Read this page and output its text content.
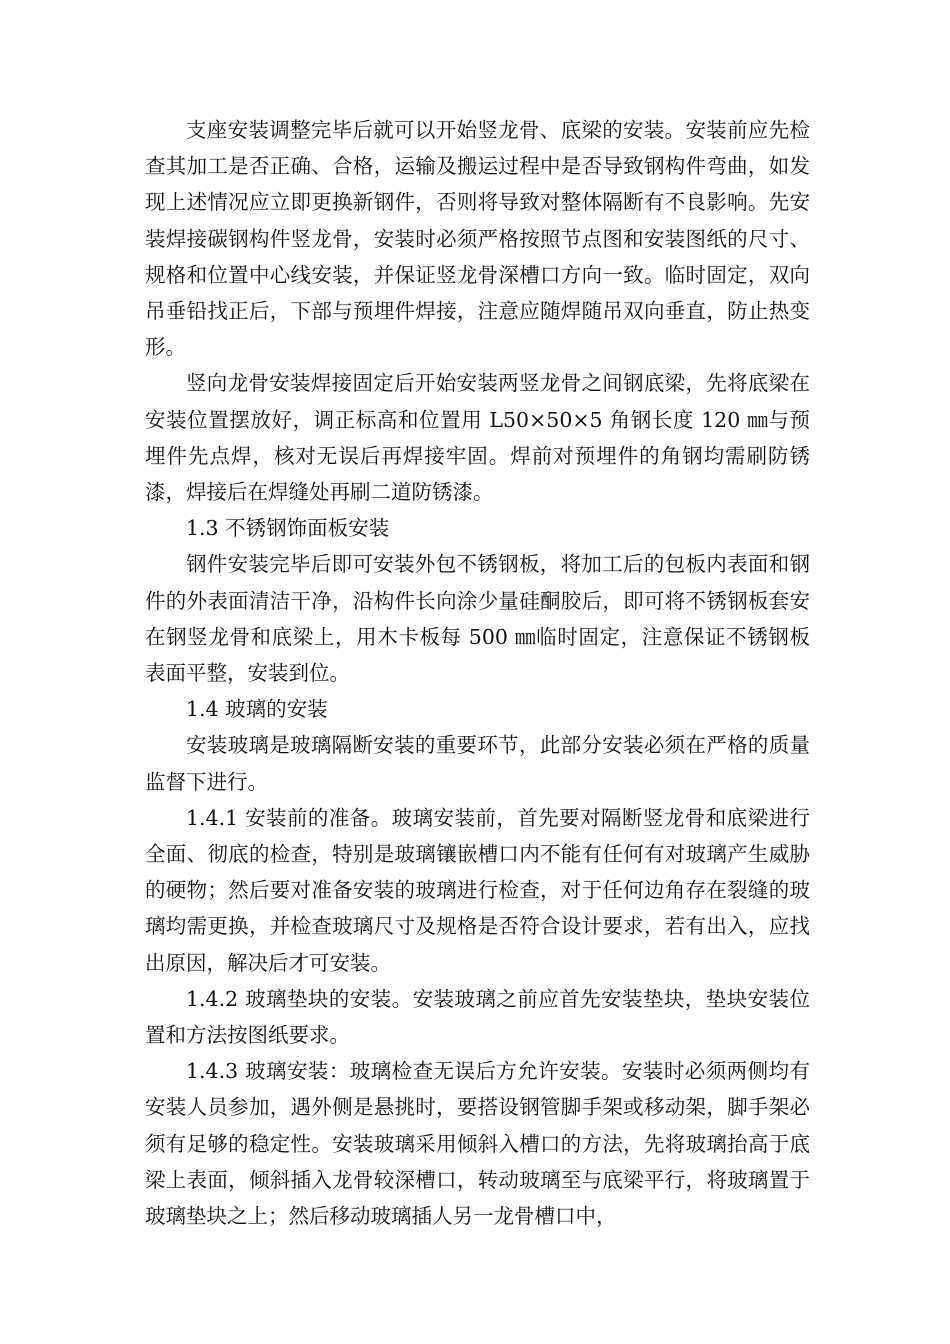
支座安装调整完毕后就可以开始竖龙骨、底梁的安装。安装前应先检查其加工是否正确、合格，运输及搬运过程中是否导致钢构件弯曲，如发现上述情况应立即更换新钢件，否则将导致对整体隔断有不良影响。先安装焊接碳钢构件竖龙骨，安装时必须严格按照节点图和安装图纸的尺寸、规格和位置中心线安装，并保证竖龙骨深槽口方向一致。临时固定，双向吊垂铅找正后，下部与预埋件焊接，注意应随焊随吊双向垂直，防止热变形。

竖向龙骨安装焊接固定后开始安装两竖龙骨之间钢底梁，先将底梁在安装位置摆放好，调正标高和位置用 L50×50×5 角钢长度 120 ㎜与预埋件先点焊，核对无误后再焊接牢固。焊前对预埋件的角钢均需刷防锈漆，焊接后在焊缝处再刷二道防锈漆。

1.3 不锈钢饰面板安装

钢件安装完毕后即可安装外包不锈钢板，将加工后的包板内表面和钢件的外表面清洁干净，沿构件长向涂少量硅酮胶后，即可将不锈钢板套安在钢竖龙骨和底梁上，用木卡板每 500 ㎜临时固定，注意保证不锈钢板表面平整，安装到位。

1.4 玻璃的安装

安装玻璃是玻璃隔断安装的重要环节，此部分安装必须在严格的质量监督下进行。

1.4.1 安装前的准备。玻璃安装前，首先要对隔断竖龙骨和底梁进行全面、彻底的检查，特别是玻璃镶嵌槽口内不能有任何有对玻璃产生威胁的硬物；然后要对准备安装的玻璃进行检查，对于任何边角存在裂缝的玻璃均需更换，并检查玻璃尺寸及规格是否符合设计要求，若有出入，应找出原因，解决后才可安装。

1.4.2 玻璃垫块的安装。安装玻璃之前应首先安装垫块，垫块安装位置和方法按图纸要求。

1.4.3 玻璃安装：玻璃检查无误后方允许安装。安装时必须两侧均有安装人员参加，遇外侧是悬挑时，要搭设钢管脚手架或移动架，脚手架必须有足够的稳定性。安装玻璃采用倾斜入槽口的方法，先将玻璃抬高于底梁上表面，倾斜插入龙骨较深槽口，转动玻璃至与底梁平行，将玻璃置于玻璃垫块之上；然后移动玻璃插人另一龙骨槽口中，
